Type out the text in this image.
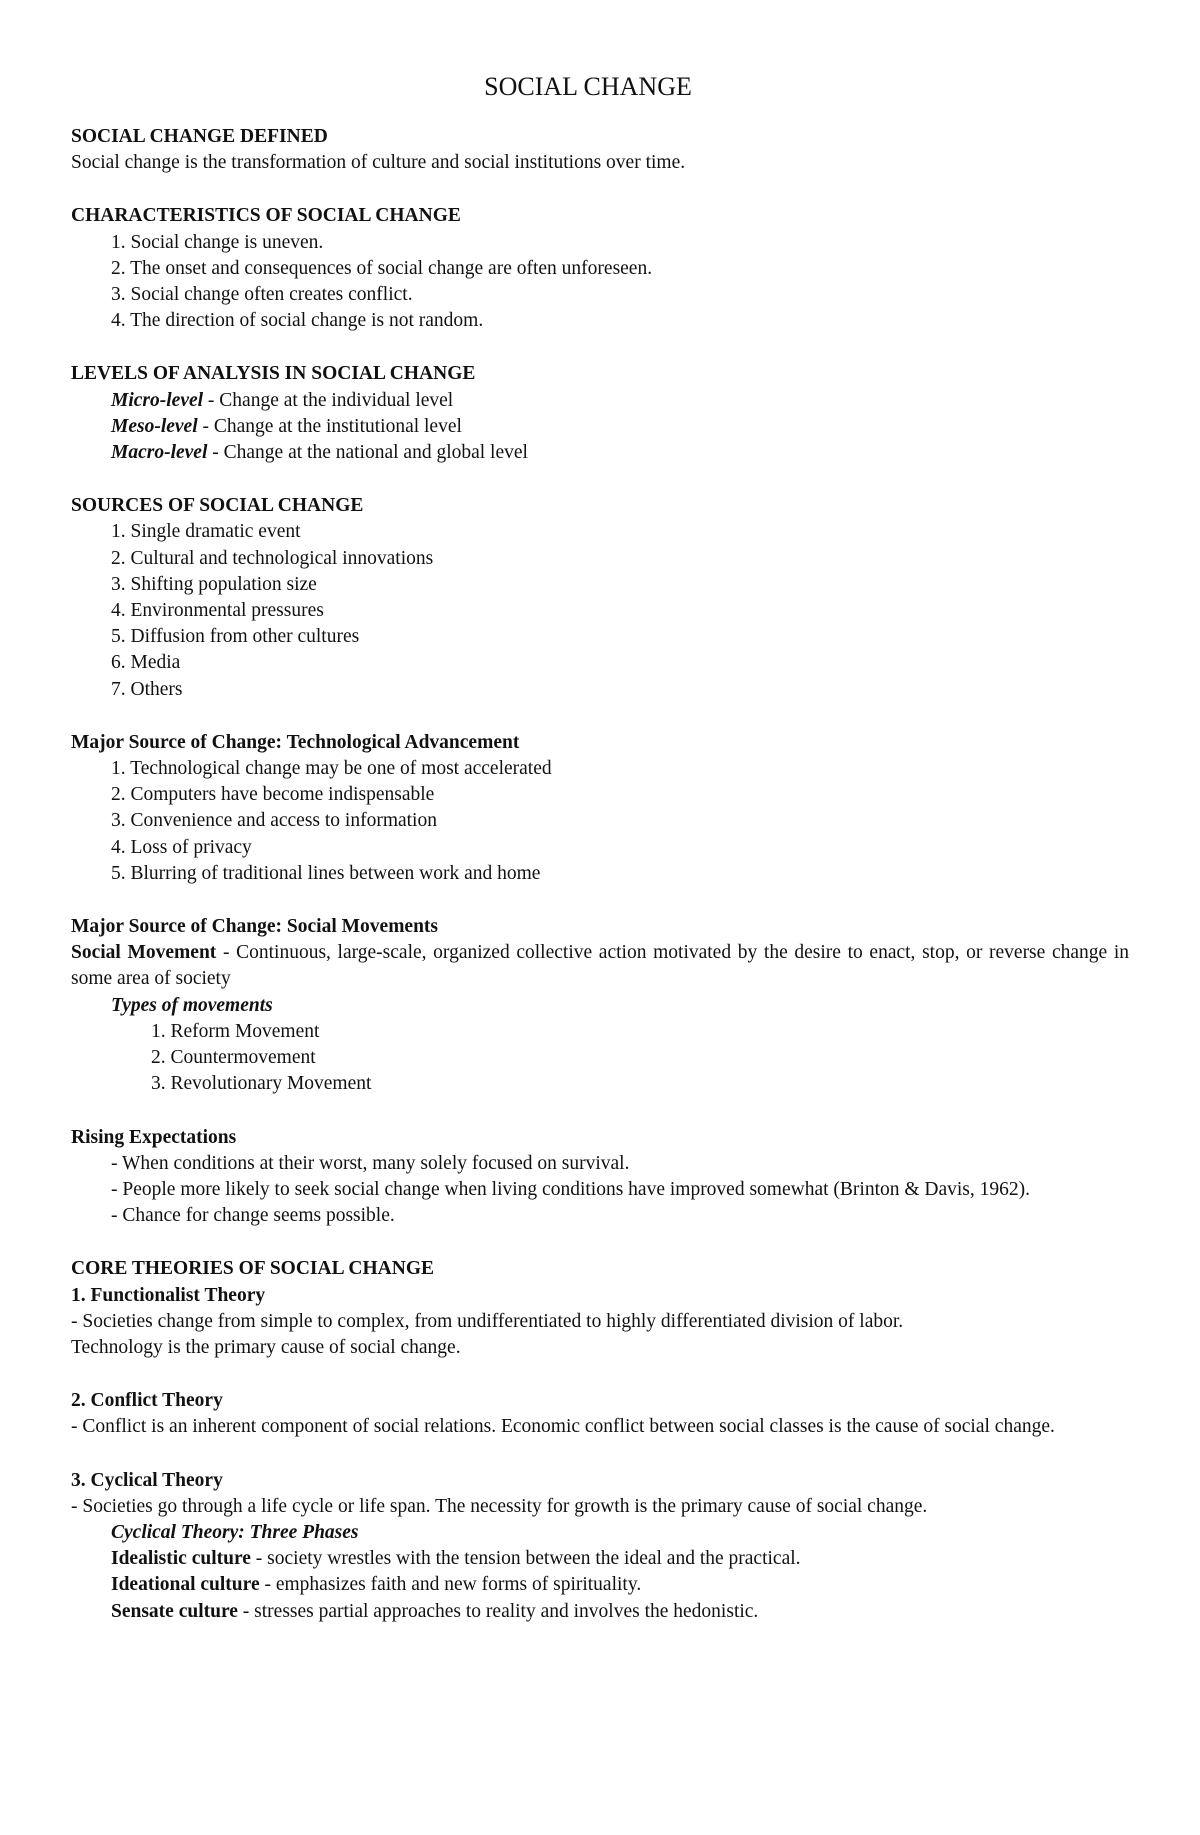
SOCIAL CHANGE

SOCIAL CHANGE DEFINED

Social change is the transformation of culture and social institutions over time.

CHARACTERISTICS OF SOCIAL CHANGE

1. Social change is uneven.

2. The onset and consequences of social change are often unforeseen.

3. Social change often creates conflict.

4. The direction of social change is not random.

LEVELS OF ANALYSIS IN SOCIAL CHANGE

Micro-level - Change at the individual level

Meso-level - Change at the institutional level

Macro-level - Change at the national and global level

SOURCES OF SOCIAL CHANGE

1. Single dramatic event

2. Cultural and technological innovations

3. Shifting population size

4. Environmental pressures

5. Diffusion from other cultures

6. Media

7. Others

Major Source of Change: Technological Advancement

1. Technological change may be one of most accelerated

2. Computers have become indispensable

3. Convenience and access to information

4. Loss of privacy

5. Blurring of traditional lines between work and home

Major Source of Change: Social Movements

Social Movement - Continuous, large-scale, organized collective action motivated by the desire to enact, stop, or reverse change in some area of society

Types of movements

1. Reform Movement

2. Countermovement

3. Revolutionary Movement

Rising Expectations

- When conditions at their worst, many solely focused on survival.

- People more likely to seek social change when living conditions have improved somewhat (Brinton & Davis, 1962).

- Chance for change seems possible.

CORE THEORIES OF SOCIAL CHANGE

1. Functionalist Theory

- Societies change from simple to complex, from undifferentiated to highly differentiated division of labor.

Technology is the primary cause of social change.

2. Conflict Theory

- Conflict is an inherent component of social relations. Economic conflict between social classes is the cause of social change.

3. Cyclical Theory

- Societies go through a life cycle or life span. The necessity for growth is the primary cause of social change.

Cyclical Theory: Three Phases

Idealistic culture - society wrestles with the tension between the ideal and the practical.

Ideational culture - emphasizes faith and new forms of spirituality.

Sensate culture - stresses partial approaches to reality and involves the hedonistic.
